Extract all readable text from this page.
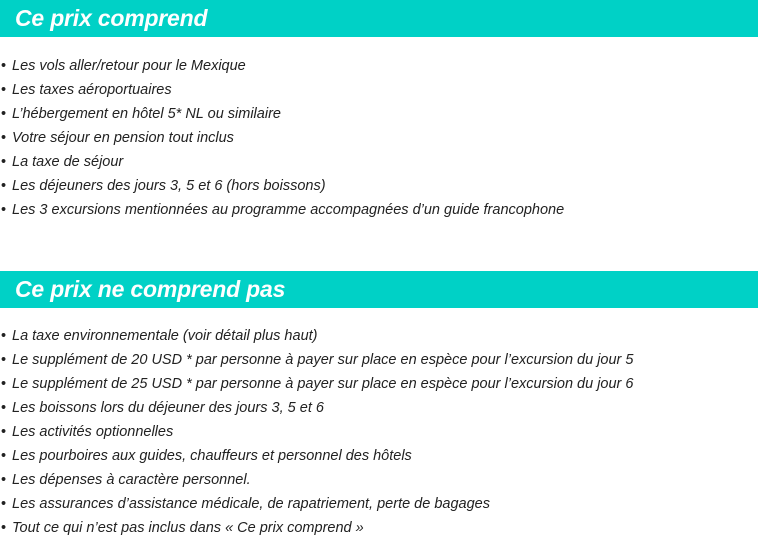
Ce prix comprend
• Les vols aller/retour pour le Mexique
• Les taxes aéroportuaires
• L’hébergement en hôtel 5* NL ou similaire
• Votre séjour en pension tout inclus
• La taxe de séjour
• Les déjeuners des jours 3, 5 et 6 (hors boissons)
• Les 3 excursions mentionnées au programme accompagnées d’un guide francophone
Ce prix ne comprend pas
• La taxe environnementale (voir détail plus haut)
• Le supplément de 20 USD * par personne à payer sur place en espèce pour l’excursion du jour 5
• Le supplément de 25 USD * par personne à payer sur place en espèce pour l’excursion du jour 6
• Les boissons lors du déjeuner des jours 3, 5 et 6
• Les activités optionnelles
• Les pourboires aux guides, chauffeurs et personnel des hôtels
• Les dépenses à caractère personnel.
• Les assurances d’assistance médicale, de rapatriement, perte de bagages
• Tout ce qui n’est pas inclus dans « Ce prix comprend »
